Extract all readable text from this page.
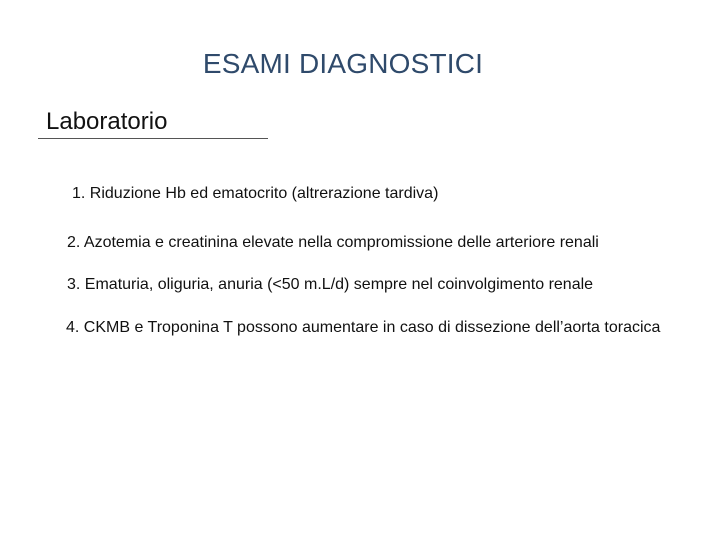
ESAMI DIAGNOSTICI
Laboratorio
1. Riduzione Hb ed ematocrito (altrerazione tardiva)
2. Azotemia e creatinina elevate nella compromissione delle arteriore renali
3. Ematuria, oliguria, anuria (<50 m.L/d) sempre nel coinvolgimento renale
4. CKMB e Troponina T possono aumentare in caso di dissezione dell’aorta toracica
